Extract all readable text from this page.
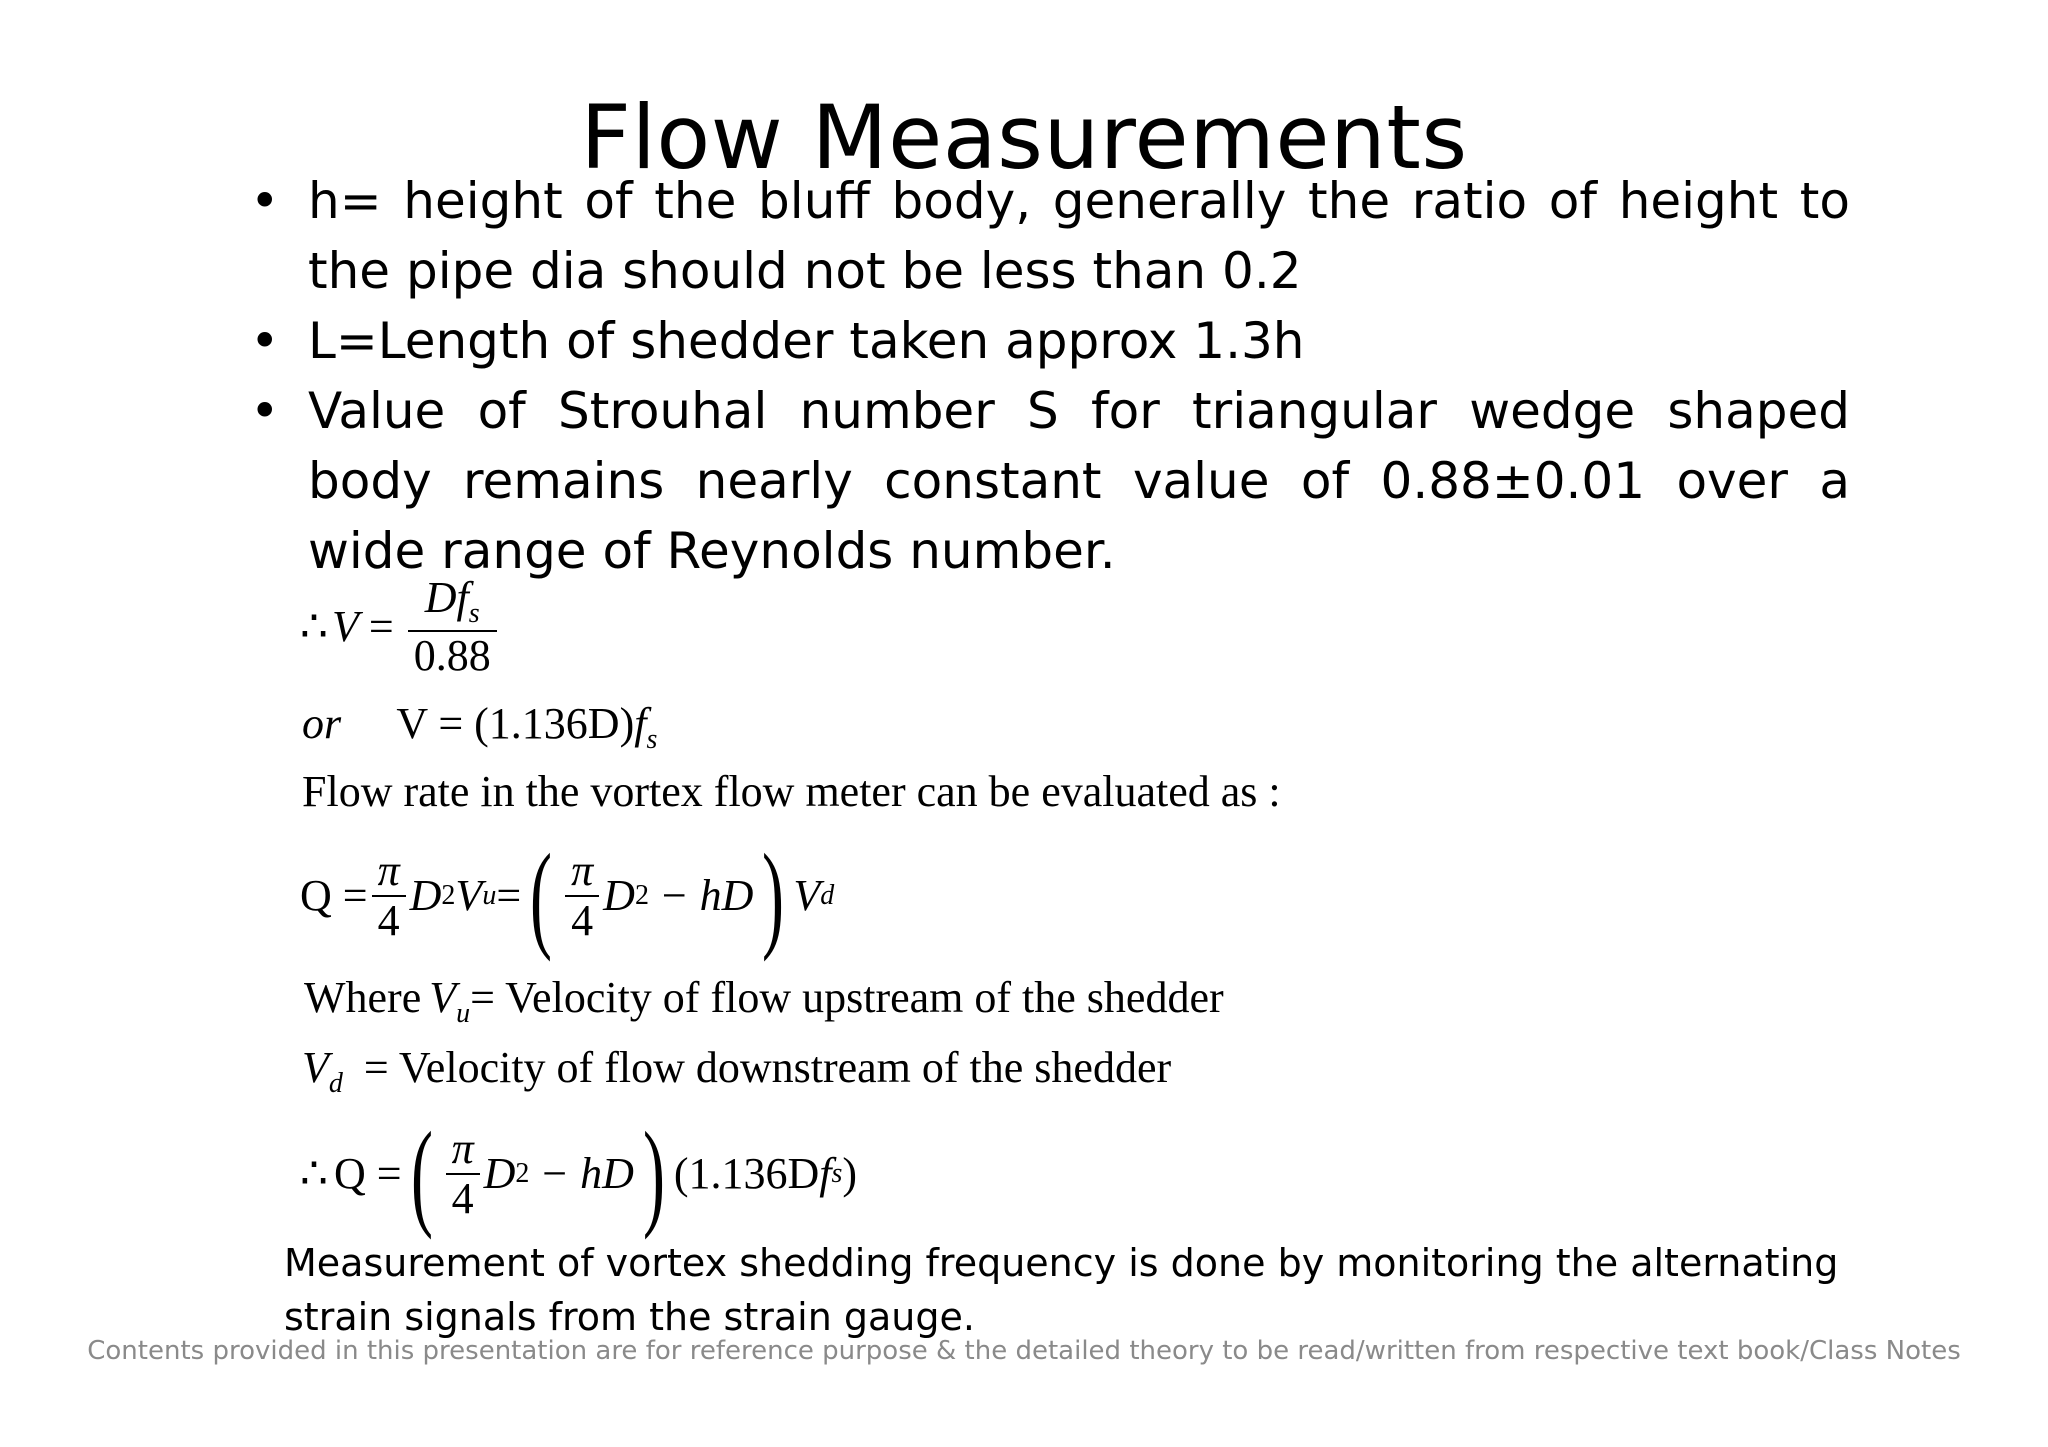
Flow Measurements
• h= height of the bluff body, generally the ratio of height to the pipe dia should not be less than 0.2
• L=Length of shedder taken approx 1.3h
• Value of Strouhal number S for triangular wedge shaped body remains nearly constant value of 0.88±0.01 over a wide range of Reynolds number.
∴ $V = \frac{Df_s}{0.88}$
or $V = (1.136D)f_s$
Flow rate in the vortex flow meter can be evaluated as :
$Q = \frac{\pi}{4}$ D 2 V u = ( $\frac{\pi}{4}$ D 2 − hD ) V d
Where $V_u=$ Velocity of flow upstream of the shedder
$V_d$ = Velocity of flow downstream of the shedder
∴ Q = ( $\frac{\pi}{4}$ D 2 − hD ) (1.136D f s )
Measurement of vortex shedding frequency is done by monitoring the alternating
strain signals from the strain gauge.
Contents provided in this presentation are for reference purpose & the detailed theory to be read/written from respective text book/Class Notes
